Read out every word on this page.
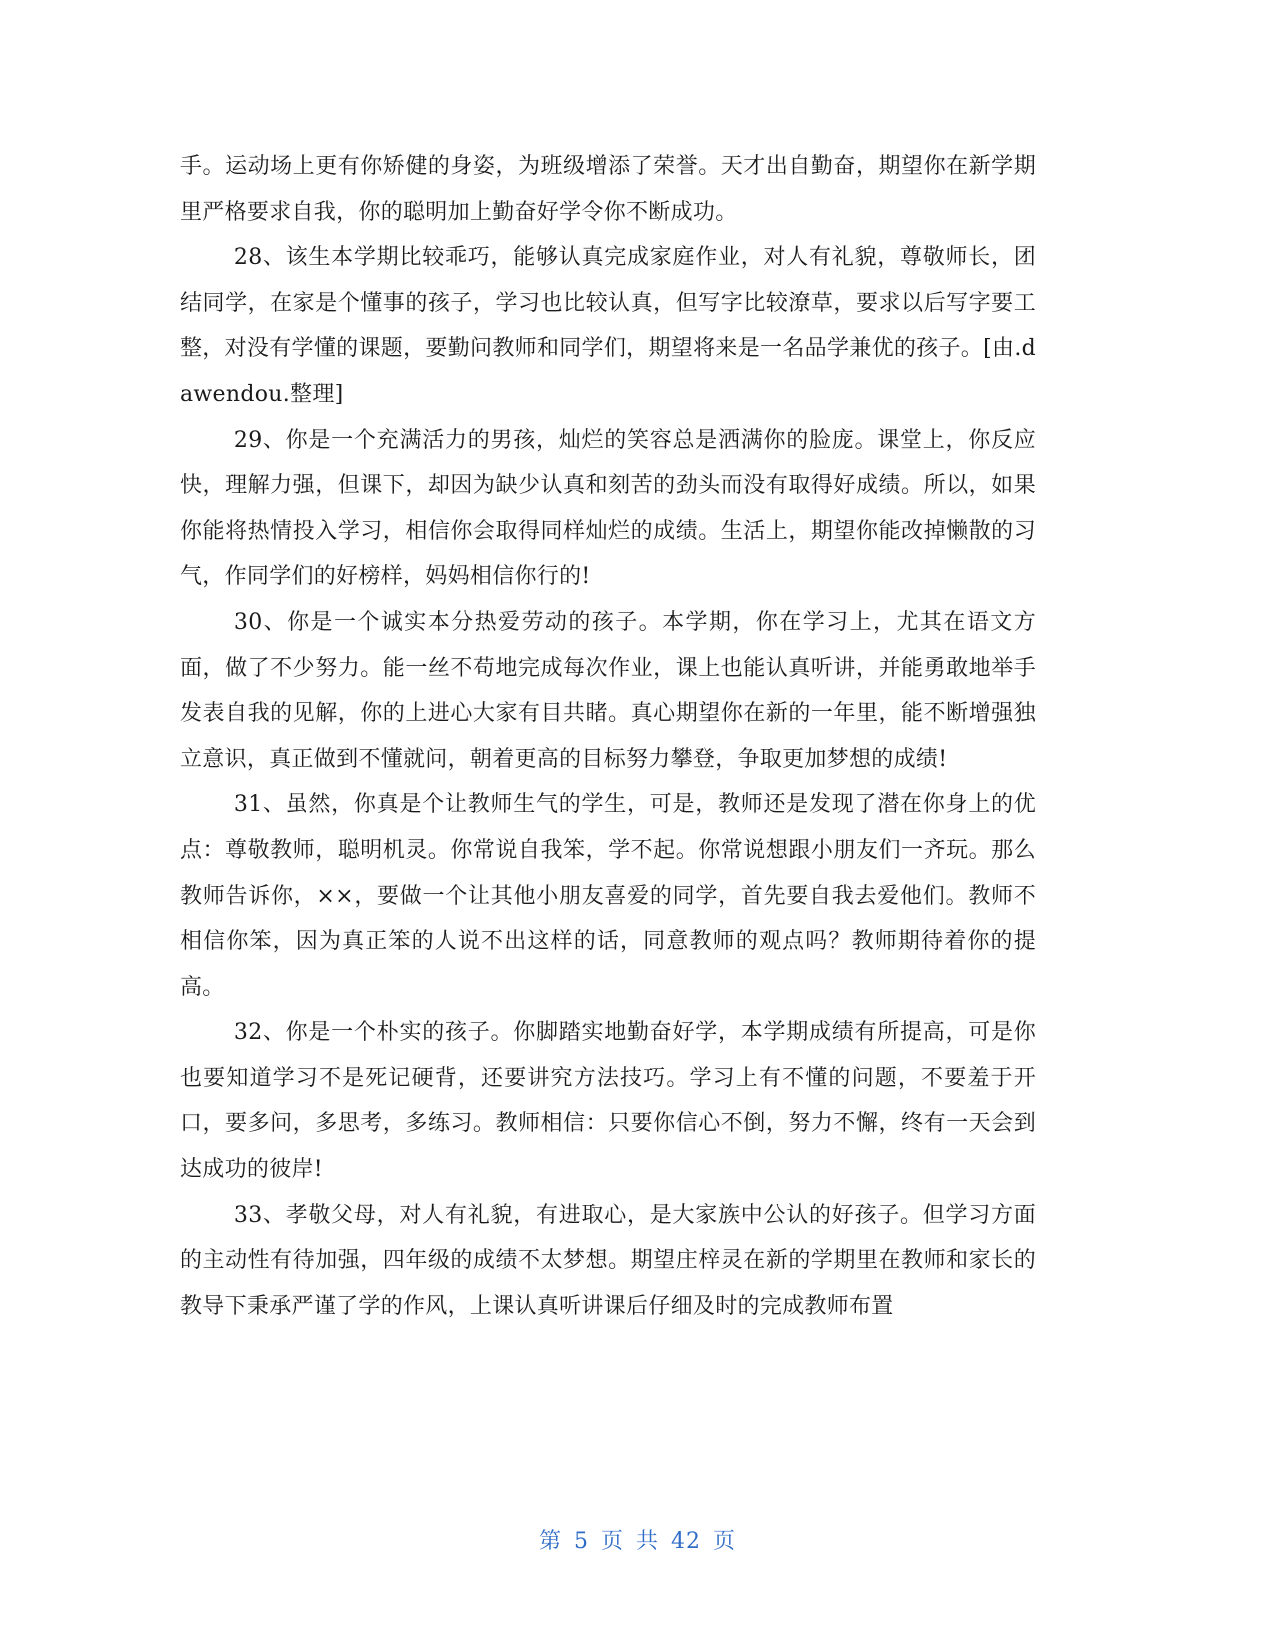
手。运动场上更有你矫健的身姿，为班级增添了荣誉。天才出自勤奋，期望你在新学期里严格要求自我，你的聪明加上勤奋好学令你不断成功。

28、该生本学期比较乖巧，能够认真完成家庭作业，对人有礼貌，尊敬师长，团结同学，在家是个懂事的孩子，学习也比较认真，但写字比较潦草，要求以后写字要工整，对没有学懂的课题，要勤问教师和同学们，期望将来是一名品学兼优的孩子。[由.dawendou.整理]

29、你是一个充满活力的男孩，灿烂的笑容总是洒满你的脸庞。课堂上，你反应快，理解力强，但课下，却因为缺少认真和刻苦的劲头而没有取得好成绩。所以，如果你能将热情投入学习，相信你会取得同样灿烂的成绩。生活上，期望你能改掉懒散的习气，作同学们的好榜样，妈妈相信你行的!

30、你是一个诚实本分热爱劳动的孩子。本学期，你在学习上，尤其在语文方面，做了不少努力。能一丝不苟地完成每次作业，课上也能认真听讲，并能勇敢地举手发表自我的见解，你的上进心大家有目共睹。真心期望你在新的一年里，能不断增强独立意识，真正做到不懂就问，朝着更高的目标努力攀登，争取更加梦想的成绩!

31、虽然，你真是个让教师生气的学生，可是，教师还是发现了潜在你身上的优点：尊敬教师，聪明机灵。你常说自我笨，学不起。你常说想跟小朋友们一齐玩。那么教师告诉你，××，要做一个让其他小朋友喜爱的同学，首先要自我去爱他们。教师不相信你笨，因为真正笨的人说不出这样的话，同意教师的观点吗？教师期待着你的提高。

32、你是一个朴实的孩子。你脚踏实地勤奋好学，本学期成绩有所提高，可是你也要知道学习不是死记硬背，还要讲究方法技巧。学习上有不懂的问题，不要羞于开口，要多问，多思考，多练习。教师相信：只要你信心不倒，努力不懈，终有一天会到达成功的彼岸!

33、孝敬父母，对人有礼貌，有进取心，是大家族中公认的好孩子。但学习方面的主动性有待加强，四年级的成绩不太梦想。期望庄梓灵在新的学期里在教师和家长的教导下秉承严谨了学的作风，上课认真听讲课后仔细及时的完成教师布置

第 5 页 共 42 页
